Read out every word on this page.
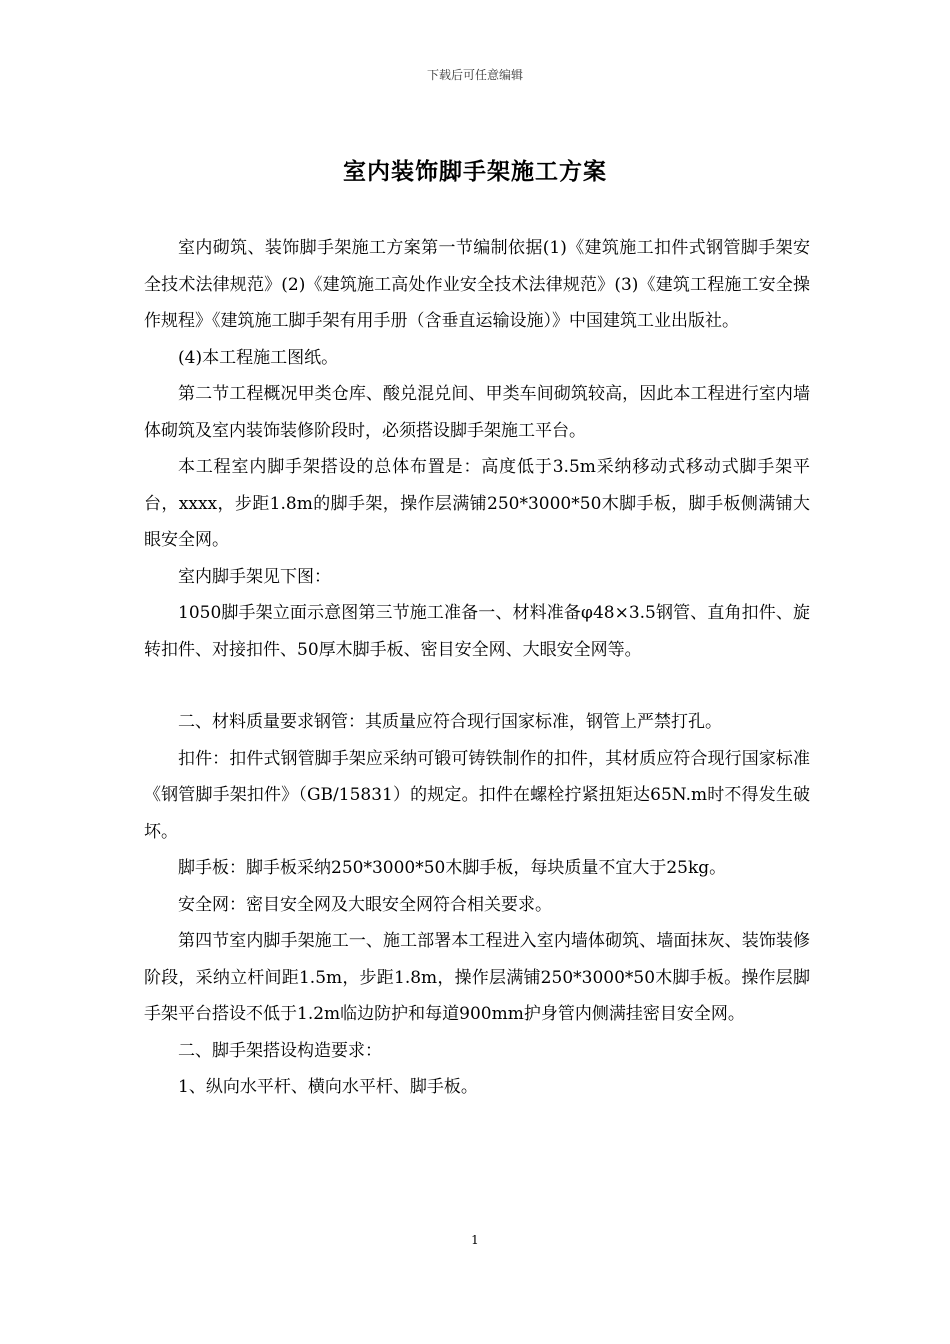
下载后可任意编辑
室内装饰脚手架施工方案

室内砌筑、装饰脚手架施工方案第一节编制依据(1)《建筑施工扣件式钢管脚手架安全技术法律规范》(2)《建筑施工高处作业安全技术法律规范》(3)《建筑工程施工安全操作规程》《建筑施工脚手架有用手册（含垂直运输设施）》中国建筑工业出版社。

(4)本工程施工图纸。

第二节工程概况甲类仓库、酸兑混兑间、甲类车间砌筑较高，因此本工程进行室内墙体砌筑及室内装饰装修阶段时，必须搭设脚手架施工平台。

本工程室内脚手架搭设的总体布置是：高度低于3.5m采纳移动式移动式脚手架平台，xxxx，步距1.8m的脚手架，操作层满铺250*3000*50木脚手板，脚手板侧满铺大眼安全网。

室内脚手架见下图：

1050脚手架立面示意图第三节施工准备一、材料准备φ48×3.5钢管、直角扣件、旋转扣件、对接扣件、50厚木脚手板、密目安全网、大眼安全网等。

二、材料质量要求钢管：其质量应符合现行国家标准，钢管上严禁打孔。

扣件：扣件式钢管脚手架应采纳可锻可铸铁制作的扣件，其材质应符合现行国家标准《钢管脚手架扣件》（GB/15831）的规定。扣件在螺栓拧紧扭矩达65N.m时不得发生破坏。

脚手板：脚手板采纳250*3000*50木脚手板，每块质量不宜大于25kg。

安全网：密目安全网及大眼安全网符合相关要求。

第四节室内脚手架施工一、施工部署本工程进入室内墙体砌筑、墙面抹灰、装饰装修阶段，采纳立杆间距1.5m，步距1.8m，操作层满铺250*3000*50木脚手板。操作层脚手架平台搭设不低于1.2m临边防护和每道900mm护身管内侧满挂密目安全网。

二、脚手架搭设构造要求：

1、纵向水平杆、横向水平杆、脚手板。

1
